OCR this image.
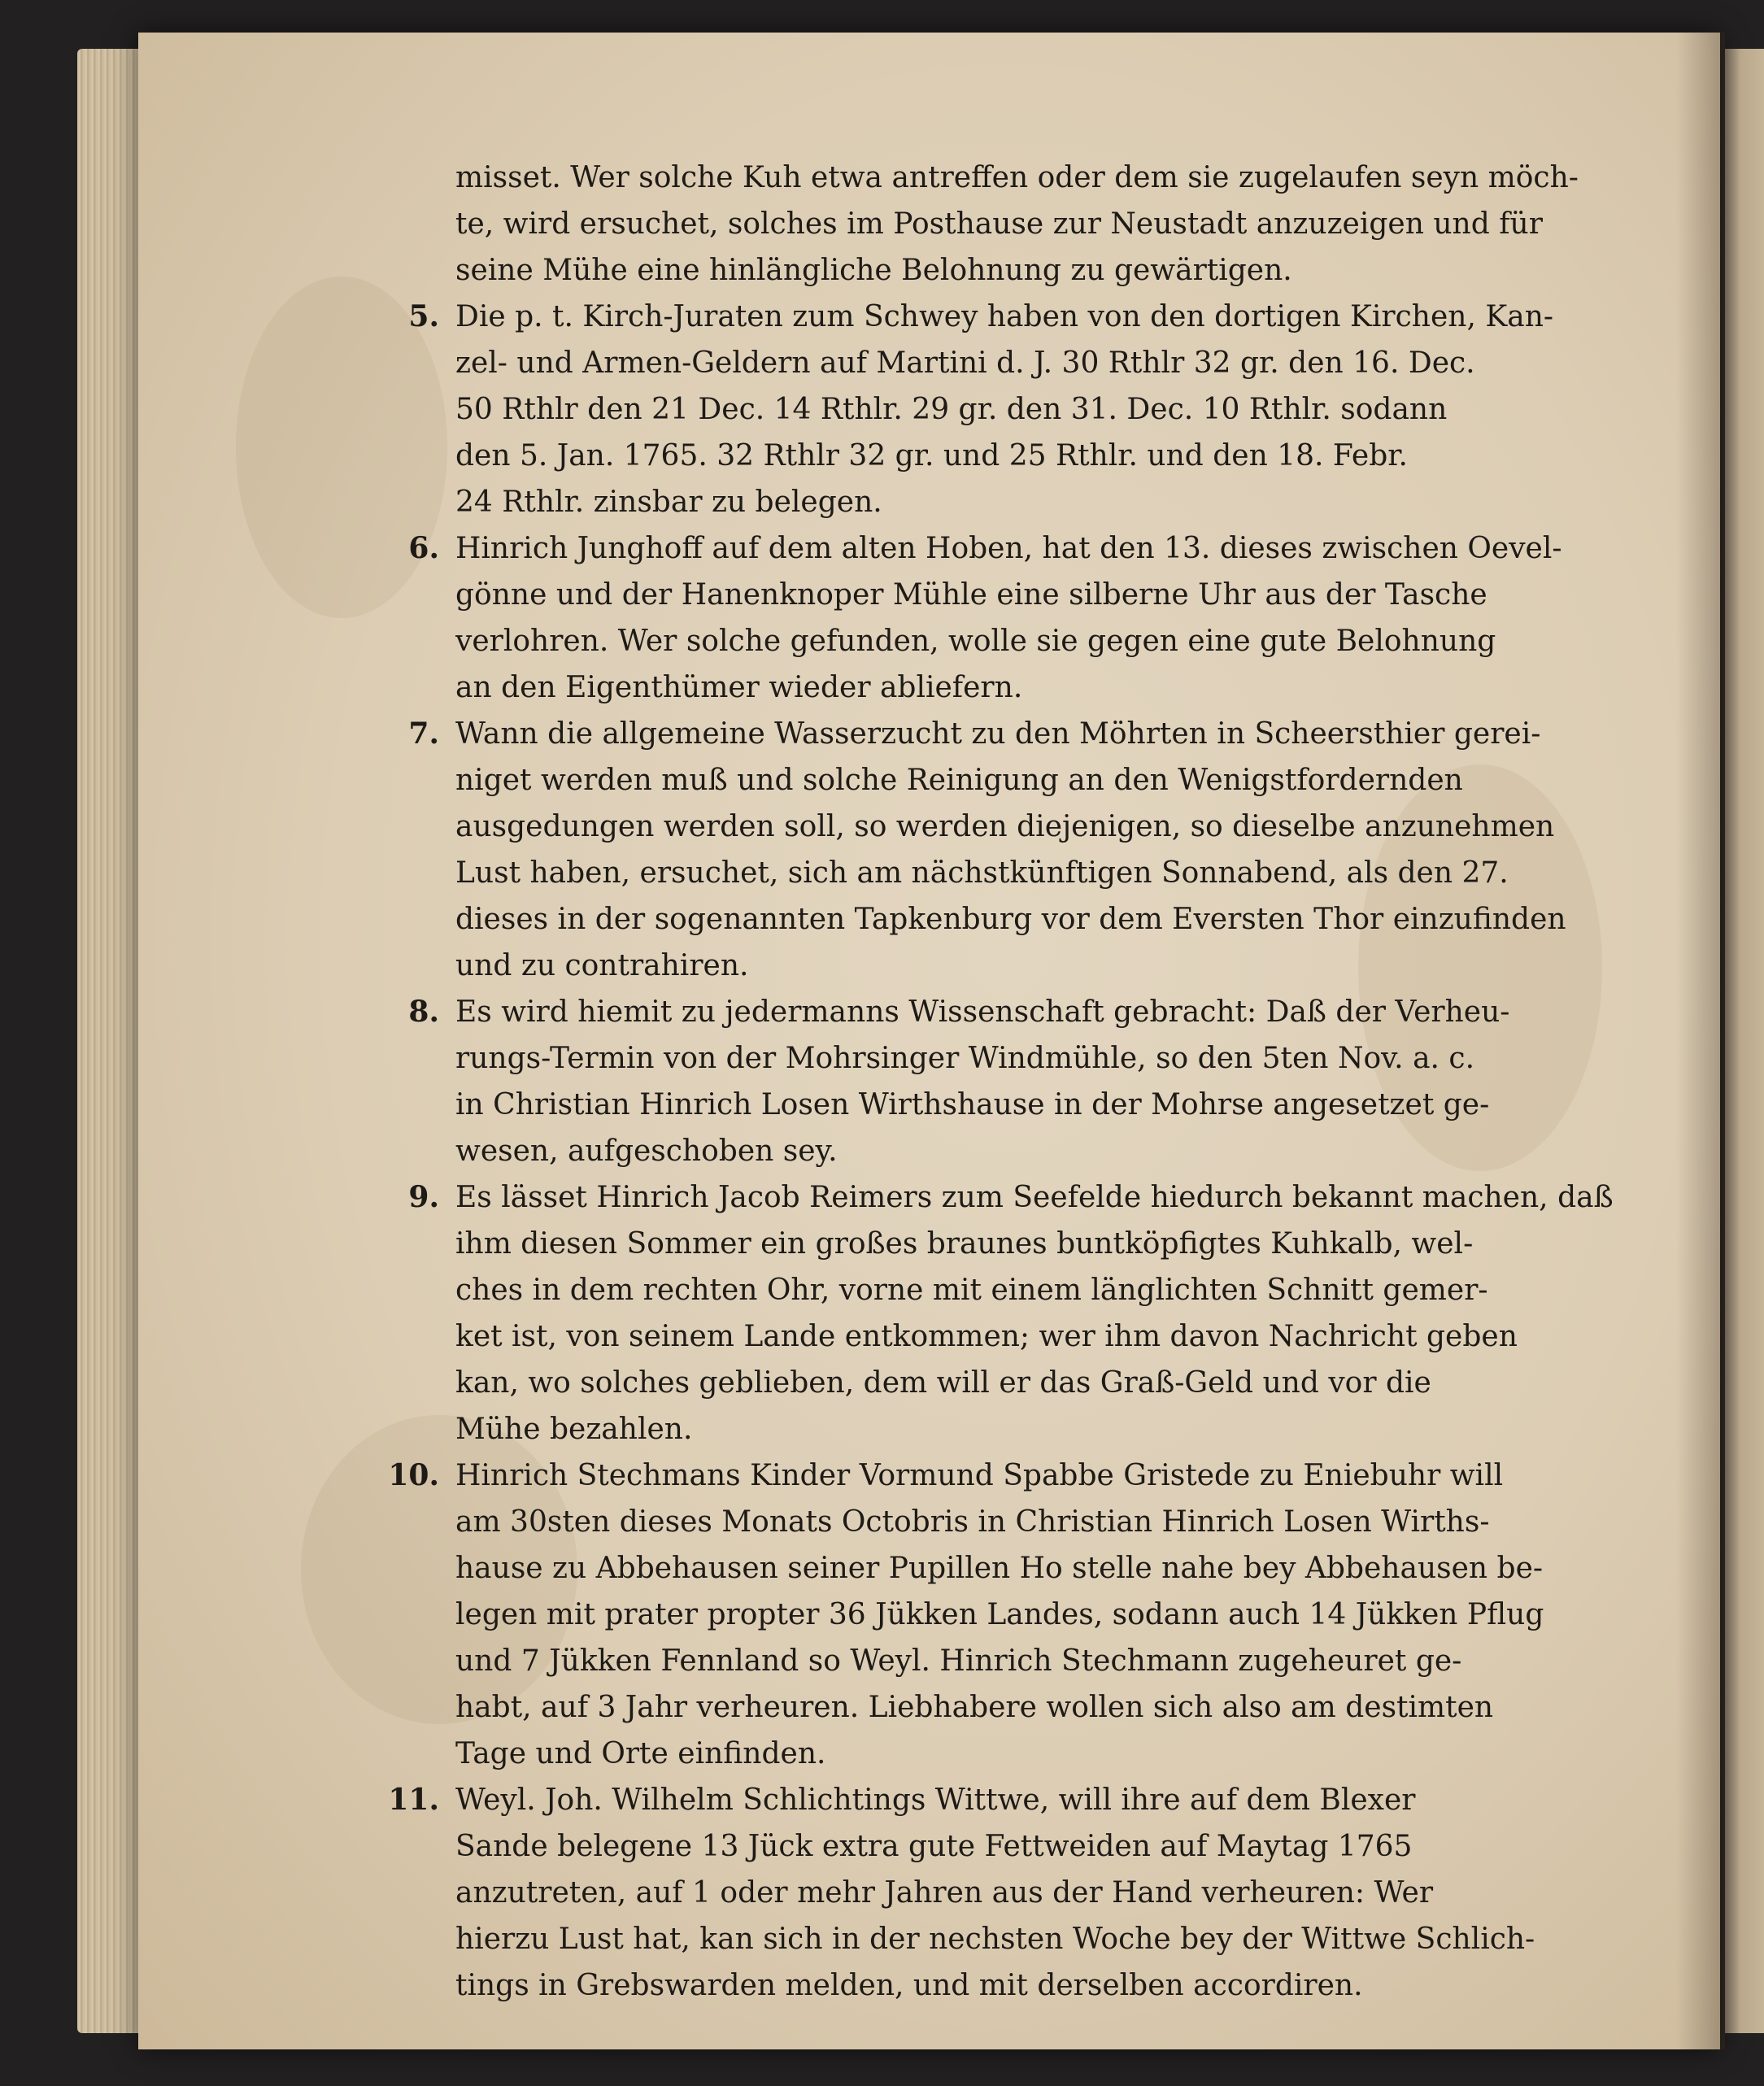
misset. Wer solche Kuh etwa antreffen oder dem sie zugelaufen seyn möch-
te, wird ersuchet, solches im Posthause zur Neustadt anzuzeigen und für
seine Mühe eine hinlängliche Belohnung zu gewärtigen.
5. Die p. t. Kirch-Juraten zum Schwey haben von den dortigen Kirchen, Kan-
zel- und Armen-Geldern auf Martini d. J. 30 Rthlr 32 gr. den 16. Dec.
50 Rthlr den 21 Dec. 14 Rthlr. 29 gr. den 31. Dec. 10 Rthlr. sodann
den 5. Jan. 1765. 32 Rthlr 32 gr. und 25 Rthlr. und den 18. Febr.
24 Rthlr. zinsbar zu belegen.
6. Hinrich Junghoff auf dem alten Hoben, hat den 13. dieses zwischen Oevel-
gönne und der Hanenknoper Mühle eine silberne Uhr aus der Tasche
verlohren. Wer solche gefunden, wolle sie gegen eine gute Belohnung
an den Eigenthümer wieder abliefern.
7. Wann die allgemeine Wasserzucht zu den Möhrten in Scheersthier gerei-
niget werden muß und solche Reinigung an den Wenigstfordernden
ausgedungen werden soll, so werden diejenigen, so dieselbe anzunehmen
Lust haben, ersuchet, sich am nächstkünftigen Sonnabend, als den 27.
dieses in der sogenannten Tapkenburg vor dem Eversten Thor einzufinden
und zu contrahiren.
8. Es wird hiemit zu jedermanns Wissenschaft gebracht: Daß der Verheu-
rungs-Termin von der Mohrsinger Windmühle, so den 5ten Nov. a. c.
in Christian Hinrich Losen Wirthshause in der Mohrse angesetzet ge-
wesen, aufgeschoben sey.
9. Es lässet Hinrich Jacob Reimers zum Seefelde hiedurch bekannt machen, daß
ihm diesen Sommer ein großes braunes buntköpfigtes Kuhkalb, wel-
ches in dem rechten Ohr, vorne mit einem länglichten Schnitt gemer-
ket ist, von seinem Lande entkommen; wer ihm davon Nachricht geben
kan, wo solches geblieben, dem will er das Graß-Geld und vor die
Mühe bezahlen.
10. Hinrich Stechmans Kinder Vormund Spabbe Gristede zu Eniebuhr will
am 30sten dieses Monats Octobris in Christian Hinrich Losen Wirths-
hause zu Abbehausen seiner Pupillen Ho stelle nahe bey Abbehausen be-
legen mit prater propter 36 Jükken Landes, sodann auch 14 Jükken Pflug
und 7 Jükken Fennland so Weyl. Hinrich Stechmann zugeheuret ge-
habt, auf 3 Jahr verheuren. Liebhabere wollen sich also am destimten
Tage und Orte einfinden.
11. Weyl. Joh. Wilhelm Schlichtings Wittwe, will ihre auf dem Blexer
Sande belegene 13 Jück extra gute Fettweiden auf Maytag 1765
anzutreten, auf 1 oder mehr Jahren aus der Hand verheuren: Wer
hierzu Lust hat, kan sich in der nechsten Woche bey der Wittwe Schlich-
tings in Grebswarden melden, und mit derselben accordiren.
